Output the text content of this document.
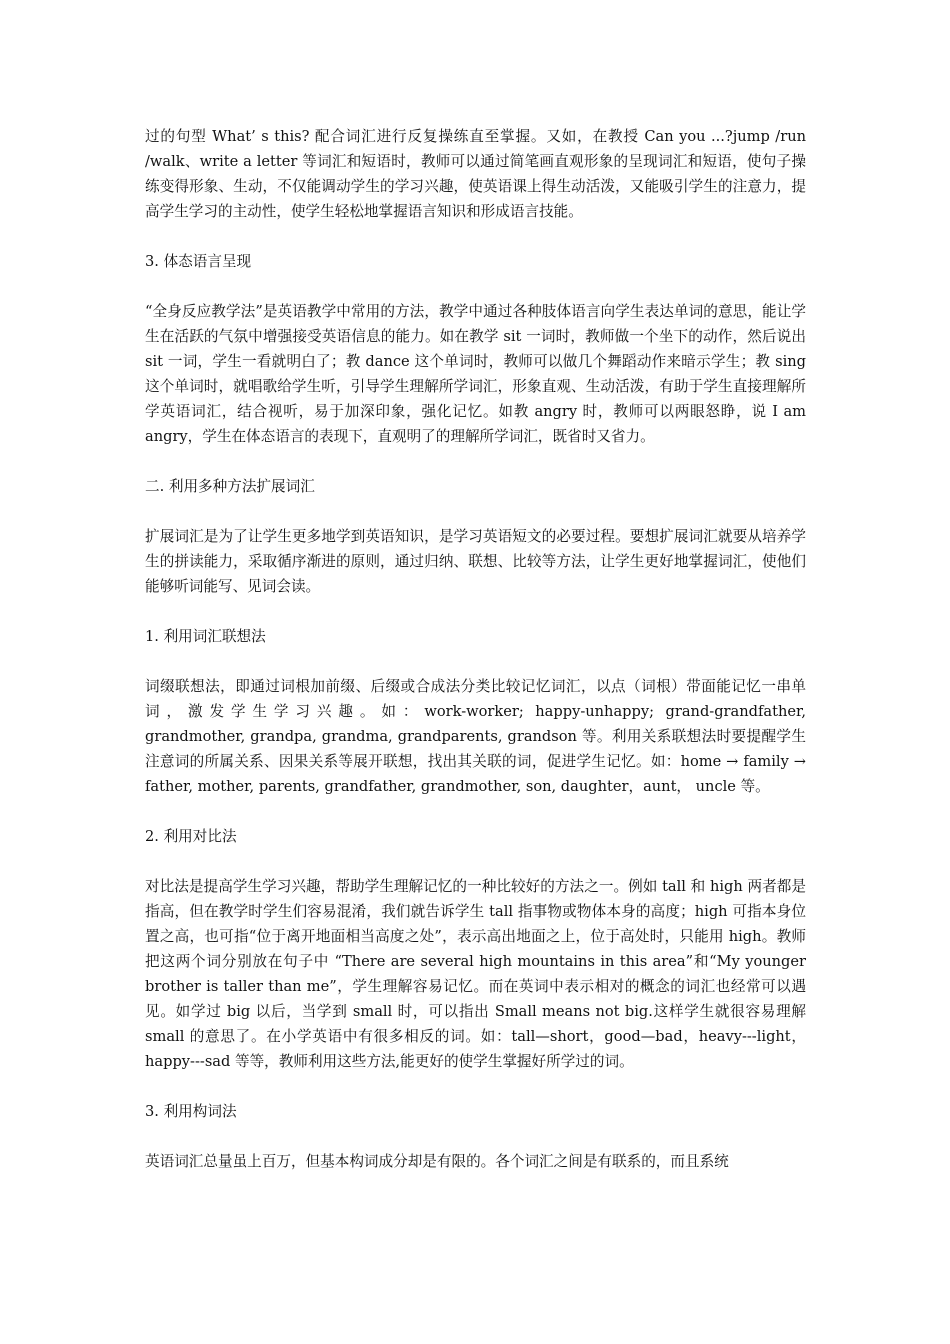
过的句型 What’ s this? 配合词汇进行反复操练直至掌握。又如，在教授 Can you ...?jump /run /walk、write a letter 等词汇和短语时，教师可以通过简笔画直观形象的呈现词汇和短语，使句子操练变得形象、生动，不仅能调动学生的学习兴趣，使英语课上得生动活泼，又能吸引学生的注意力，提高学生学习的主动性，使学生轻松地掌握语言知识和形成语言技能。

3. 体态语言呈现

“全身反应教学法”是英语教学中常用的方法，教学中通过各种肢体语言向学生表达单词的意思，能让学生在活跃的气氛中增强接受英语信息的能力。如在教学 sit 一词时，教师做一个坐下的动作，然后说出 sit 一词，学生一看就明白了；教 dance 这个单词时，教师可以做几个舞蹈动作来暗示学生；教 sing 这个单词时，就唱歌给学生听，引导学生理解所学词汇，形象直观、生动活泼，有助于学生直接理解所学英语词汇，结合视听，易于加深印象，强化记忆。如教 angry 时，教师可以两眼怒睁，说 I am angry，学生在体态语言的表现下，直观明了的理解所学词汇，既省时又省力。

二. 利用多种方法扩展词汇

扩展词汇是为了让学生更多地学到英语知识，是学习英语短文的必要过程。要想扩展词汇就要从培养学生的拼读能力，采取循序渐进的原则，通过归纳、联想、比较等方法，让学生更好地掌握词汇，使他们能够听词能写、见词会读。

1. 利用词汇联想法

词缀联想法，即通过词根加前缀、后缀或合成法分类比较记忆词汇，以点（词根）带面能记忆一串单词，激发学生学习兴趣。如：work-worker; happy-unhappy; grand-grandfather, grandmother, grandpa, grandma, grandparents, grandson 等。利用关系联想法时要提醒学生注意词的所属关系、因果关系等展开联想，找出其关联的词，促进学生记忆。如：home → family → father, mother, parents, grandfather, grandmother, son, daughter，aunt， uncle 等。

2. 利用对比法

对比法是提高学生学习兴趣，帮助学生理解记忆的一种比较好的方法之一。例如 tall 和 high 两者都是指高，但在教学时学生们容易混淆，我们就告诉学生 tall 指事物或物体本身的高度；high 可指本身位置之高，也可指“位于离开地面相当高度之处”，表示高出地面之上，位于高处时，只能用 high。教师把这两个词分别放在句子中 “There are several high mountains in this area”和“My younger brother is taller than me”，学生理解容易记忆。而在英词中表示相对的概念的词汇也经常可以遇见。如学过 big 以后，当学到 small 时，可以指出 Small means not big.这样学生就很容易理解 small 的意思了。在小学英语中有很多相反的词。如：tall—short，good—bad，heavy---light，happy---sad 等等，教师利用这些方法,能更好的使学生掌握好所学过的词。

3. 利用构词法

英语词汇总量虽上百万，但基本构词成分却是有限的。各个词汇之间是有联系的，而且系统
